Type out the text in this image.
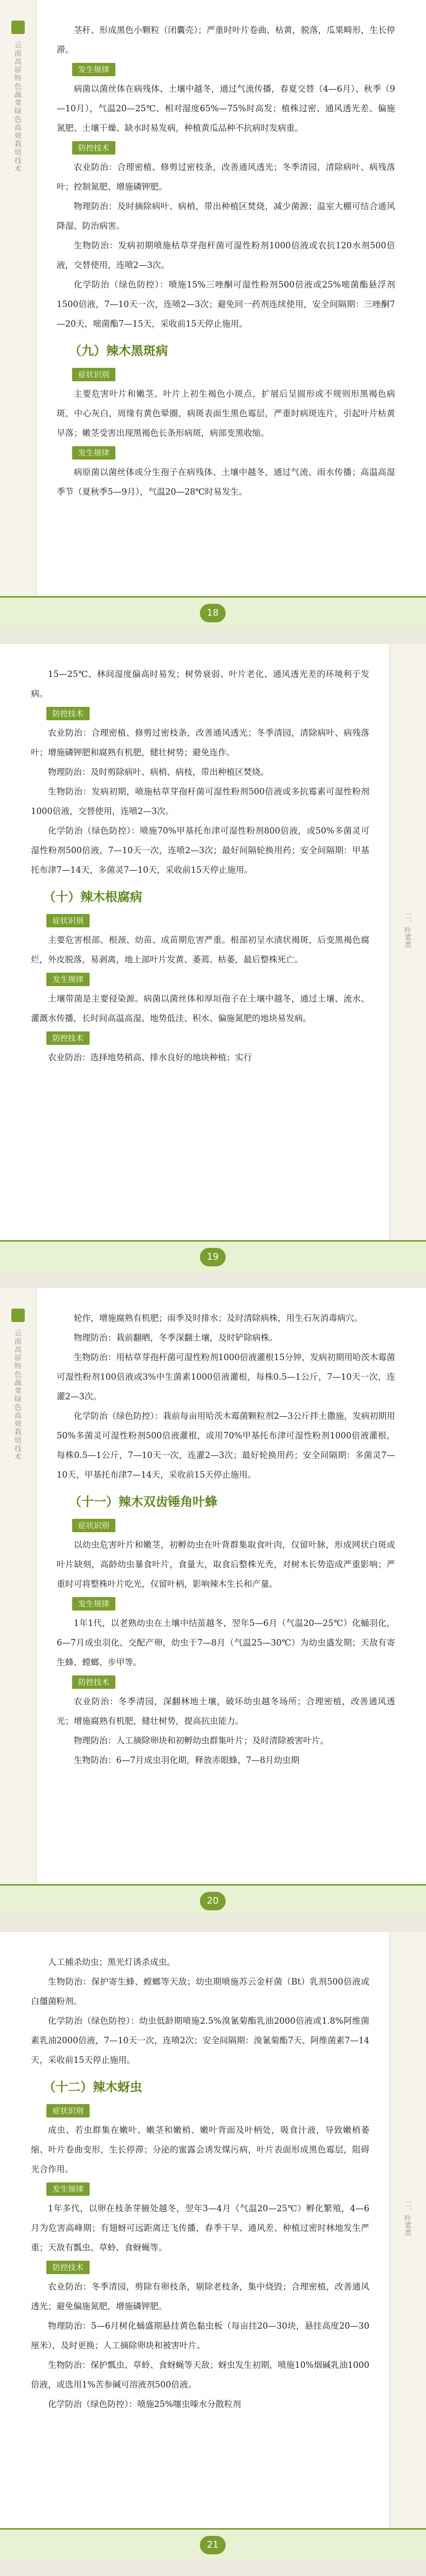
云南高原特色蔬菜绿色高效栽培技术

茎秆、形成黑色小颗粒（闭囊壳）；严重时叶片卷曲、枯黄，脱落，瓜果畸形，生长停滞。

发生规律

病菌以菌丝体在病残体、土壤中越冬，通过气流传播，春夏交替（4—6月）、秋季（9—10月），气温20—25℃、相对湿度65%—75%时高发；植株过密、通风透光差、偏施氮肥、土壤干燥、缺水时易发病，种植黄瓜品种不抗病时发病重。

防控技术

农业防治：合理密植、修剪过密枝条，改善通风透光；冬季清园，清除病叶、病残落叶；控制氮肥、增施磷钾肥。

物理防治：及时摘除病叶、病梢，带出种植区焚烧，减少菌源；温室大棚可结合通风降湿、防治病害。

生物防治：发病初期喷施枯草芽孢杆菌可湿性粉剂1000倍液或农抗120水剂500倍液，交替使用，连喷2—3次。

化学防治（绿色防控）：喷施15%三唑酮可湿性粉剂500倍液或25%嘧菌酯悬浮剂1500倍液，7—10天一次，连喷2—3次；避免同一药剂连续使用，安全间隔期：三唑酮7—20天，嘧菌酯7—15天，采收前15天停止施用。

（九）辣木黑斑病
症状识别

主要危害叶片和嫩茎。叶片上初生褐色小斑点，扩展后呈圆形或不规则形黑褐色病斑，中心灰白，周缘有黄色晕圈，病斑表面生黑色霉层，严重时病斑连片，引起叶片枯黄早落；嫩茎受害出现黑褐色长条形病斑，病部变黑收缩。

发生规律

病原菌以菌丝体或分生孢子在病残体、土壤中越冬，通过气流、雨水传播；高温高湿季节（夏秋季5—9月），气温20—28℃时易发生。

18
二、叶菜类

15—25℃、林间湿度偏高时易发；树势衰弱、叶片老化、通风透光差的环境利于发病。

防控技术

农业防治：合理密植、修剪过密枝条，改善通风透光；冬季清园，清除病叶、病残落叶；增施磷钾肥和腐熟有机肥，健壮树势；避免连作。

物理防治：及时剪除病叶、病梢、病枝，带出种植区焚烧。

生物防治：发病初期，喷施枯草芽孢杆菌可湿性粉剂500倍液或多抗霉素可湿性粉剂1000倍液，交替使用，连喷2—3次。

化学防治（绿色防控）：喷施70%甲基托布津可湿性粉剂800倍液，或50%多菌灵可湿性粉剂500倍液，7—10天一次，连喷2—3次；最好间隔轮换用药；安全间隔期：甲基托布津7—14天，多菌灵7—10天，采收前15天停止施用。

（十）辣木根腐病
症状识别

主要危害根部、根颈、幼苗、成苗期危害严重。根部初呈水渍状褐斑，后变黑褐色腐烂，外皮脱落，易剥离，地上部叶片发黄、萎蔫、枯萎，最后整株死亡。

发生规律

土壤带菌是主要侵染源。病菌以菌丝体和厚垣孢子在土壤中越冬，通过土壤、流水、灌溉水传播，长时间高温高湿、地势低洼、积水、偏施氮肥的地块易发病。

防控技术

农业防治：选择地势稍高、排水良好的地块种植；实行

19
云南高原特色蔬菜绿色高效栽培技术

轮作，增施腐熟有机肥；雨季及时排水；及时清除病株，用生石灰消毒病穴。

物理防治：栽前翻晒，冬季深翻土壤，及时铲除病株。

生物防治：用枯草芽孢杆菌可湿性粉剂1000倍液灌根15分钟，发病初期用哈茨木霉菌可湿性粉剂100倍液或3%中生菌素1000倍液灌根，每株0.5—1公斤，7—10天一次，连灌2—3次。

化学防治（绿色防控）：栽前每亩用哈茨木霉菌颗粒剂2—3公斤拌土撒施，发病初期用50%多菌灵可湿性粉剂500倍液灌根，或用70%甲基托布津可湿性粉剂1000倍液灌根，每株0.5—1公斤，7—10天一次，连灌2—3次；最好轮换用药；安全间隔期：多菌灵7—10天，甲基托布津7—14天，采收前15天停止施用。

（十一）辣木双齿锤角叶蜂
症状识别

以幼虫危害叶片和嫩茎，初孵幼虫在叶背群集取食叶肉，仅留叶脉，形成网状白斑或叶片缺刻，高龄幼虫暴食叶片，食量大，取食后整株光秃，对树木长势造成严重影响；严重时可将整株叶片吃光，仅留叶柄，影响辣木生长和产量。

发生规律

1年1代，以老熟幼虫在土壤中结茧越冬，翌年5—6月（气温20—25℃）化蛹羽化，6—7月成虫羽化、交配产卵，幼虫于7—8月（气温25—30℃）为幼虫盛发期；天敌有寄生蜂、螳螂、步甲等。

防控技术

农业防治：冬季清园，深翻林地土壤，破坏幼虫越冬场所；合理密植，改善通风透光；增施腐熟有机肥，健壮树势，提高抗虫能力。

物理防治：人工摘除卵块和初孵幼虫群集叶片；及时清除被害叶片。

生物防治：6—7月成虫羽化期，释放赤眼蜂，7—8月幼虫期

20
二、叶菜类

人工捕杀幼虫；黑光灯诱杀成虫。

生物防治：保护寄生蜂、螳螂等天敌；幼虫期喷施苏云金杆菌（Bt）乳剂500倍液或白僵菌粉剂。

化学防治（绿色防控）：幼虫低龄期喷施2.5%溴氰菊酯乳油2000倍液或1.8%阿维菌素乳油2000倍液，7—10天一次，连喷2次；安全间隔期：溴氰菊酯7天、阿维菌素7—14天，采收前15天停止施用。

（十二）辣木蚜虫
症状识别

成虫、若虫群集在嫩叶、嫩茎和嫩梢、嫩叶背面及叶柄处，吸食汁液，导致嫩梢萎缩、叶片卷曲变形，生长停滞；分泌的蜜露会诱发煤污病，叶片表面形成黑色霉层，阻碍光合作用。

发生规律

1年多代，以卵在枝条芽腋处越冬，翌年3—4月（气温20—25℃）孵化繁殖，4—6月为危害高峰期；有翅蚜可远距离迁飞传播，春季干旱、通风差、种植过密时林地发生严重；天敌有瓢虫、草蛉、食蚜蝇等。

防控技术

农业防治：冬季清园，剪除有卵枝条，剔除老枝条，集中烧毁；合理密植，改善通风透光；避免偏施氮肥，增施磷钾肥。

物理防治：5—6月树化蛹盛期悬挂黄色黏虫板（每亩挂20—30块，悬挂高度20—30厘米），及时更换；人工摘除卵块和被害叶片。

生物防治：保护瓢虫、草蛉、食蚜蝇等天敌；蚜虫发生初期，喷施10%烟碱乳油1000倍液，或选用1%苦参碱可溶液剂500倍液。

化学防治（绿色防控）：喷施25%噻虫嗪水分散粒剂

21
